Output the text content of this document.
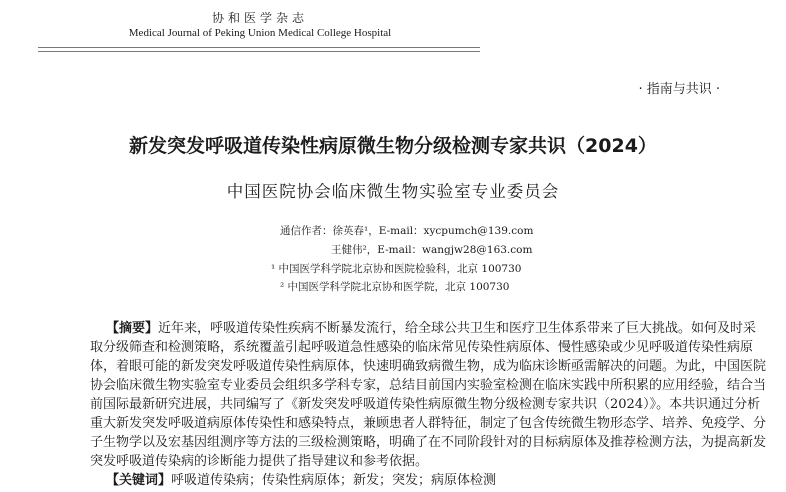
协和医学杂志
Medical Journal of Peking Union Medical College Hospital
· 指南与共识 ·
新发突发呼吸道传染性病原微生物分级检测专家共识（2024）
中国医院协会临床微生物实验室专业委员会
通信作者：徐英春¹，E-mail：xycpumch@139.com
王健伟²，E-mail：wangjw28@163.com
¹ 中国医学科学院北京协和医院检验科，北京 100730
² 中国医学科学院北京协和医学院，北京 100730
【摘要】近年来，呼吸道传染性疾病不断暴发流行，给全球公共卫生和医疗卫生体系带来了巨大挑战。如何及时采
取分级筛查和检测策略，系统覆盖引起呼吸道急性感染的临床常见传染性病原体、慢性感染或少见呼吸道传染性病原
体，着眼可能的新发突发呼吸道传染性病原体，快速明确致病微生物，成为临床诊断亟需解决的问题。为此，中国医院
协会临床微生物实验室专业委员会组织多学科专家，总结目前国内实验室检测在临床实践中所积累的应用经验，结合当
前国际最新研究进展，共同编写了《新发突发呼吸道传染性病原微生物分级检测专家共识（2024）》。本共识通过分析
重大新发突发呼吸道病原体传染性和感染特点，兼顾患者人群特征，制定了包含传统微生物形态学、培养、免疫学、分
子生物学以及宏基因组测序等方法的三级检测策略，明确了在不同阶段针对的目标病原体及推荐检测方法，为提高新发
突发呼吸道传染病的诊断能力提供了指导建议和参考依据。
【关键词】呼吸道传染病；传染性病原体；新发；突发；病原体检测
